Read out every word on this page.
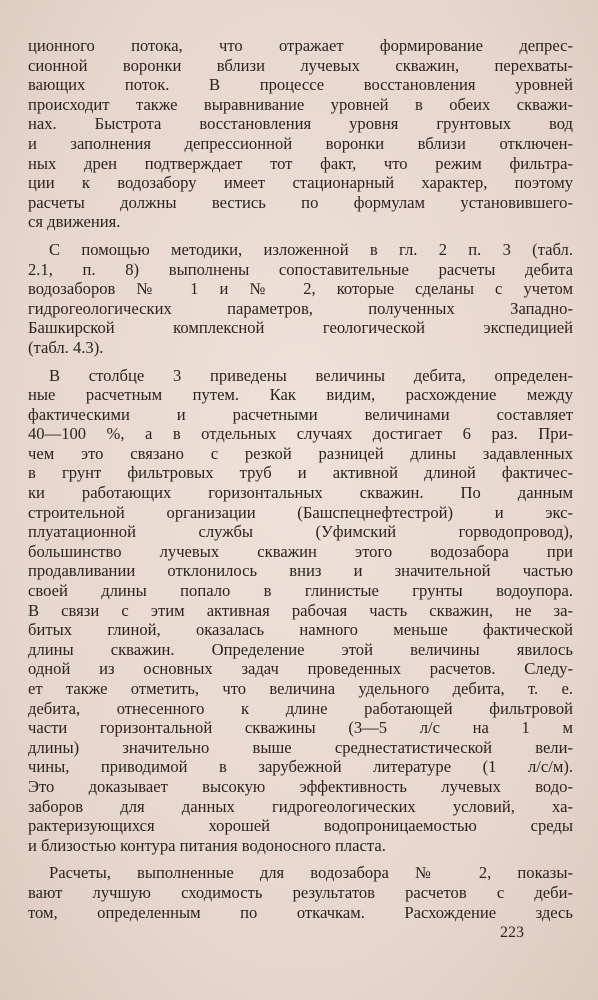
ционного потока, что отражает формирование депрес-
сионной воронки вблизи лучевых скважин, перехваты-
вающих поток. В процессе восстановления уровней
происходит также выравнивание уровней в обеих скважи-
нах. Быстрота восстановления уровня грунтовых вод
и заполнения депрессионной воронки вблизи отключен-
ных дрен подтверждает тот факт, что режим фильтра-
ции к водозабору имеет стационарный характер, поэтому
расчеты должны вестись по формулам установившего-
ся движения.

С помощью методики, изложенной в гл. 2 п. 3 (табл.
2.1, п. 8) выполнены сопоставительные расчеты дебита
водозаборов № 1 и № 2, которые сделаны с учетом
гидрогеологических параметров, полученных Западно-
Башкирской комплексной геологической экспедицией
(табл. 4.3).

В столбце 3 приведены величины дебита, определен-
ные расчетным путем. Как видим, расхождение между
фактическими и расчетными величинами составляет
40—100 %, а в отдельных случаях достигает 6 раз. При-
чем это связано с резкой разницей длины задавленных
в грунт фильтровых труб и активной длиной фактичес-
ки работающих горизонтальных скважин. По данным
строительной организации (Башспецнефтестрой) и экс-
плуатационной службы (Уфимский горводопровод),
большинство лучевых скважин этого водозабора при
продавливании отклонилось вниз и значительной частью
своей длины попало в глинистые грунты водоупора.
В связи с этим активная рабочая часть скважин, не за-
битых глиной, оказалась намного меньше фактической
длины скважин. Определение этой величины явилось
одной из основных задач проведенных расчетов. Следу-
ет также отметить, что величина удельного дебита, т. е.
дебита, отнесенного к длине работающей фильтровой
части горизонтальной скважины (3—5 л/с на 1 м
длины) значительно выше среднестатистической вели-
чины, приводимой в зарубежной литературе (1 л/с/м).
Это доказывает высокую эффективность лучевых водо-
заборов для данных гидрогеологических условий, ха-
рактеризующихся хорошей водопроницаемостью среды
и близостью контура питания водоносного пласта.

Расчеты, выполненные для водозабора № 2, показы-
вают лучшую сходимость результатов расчетов с деби-
том, определенным по откачкам. Расхождение здесь

223
